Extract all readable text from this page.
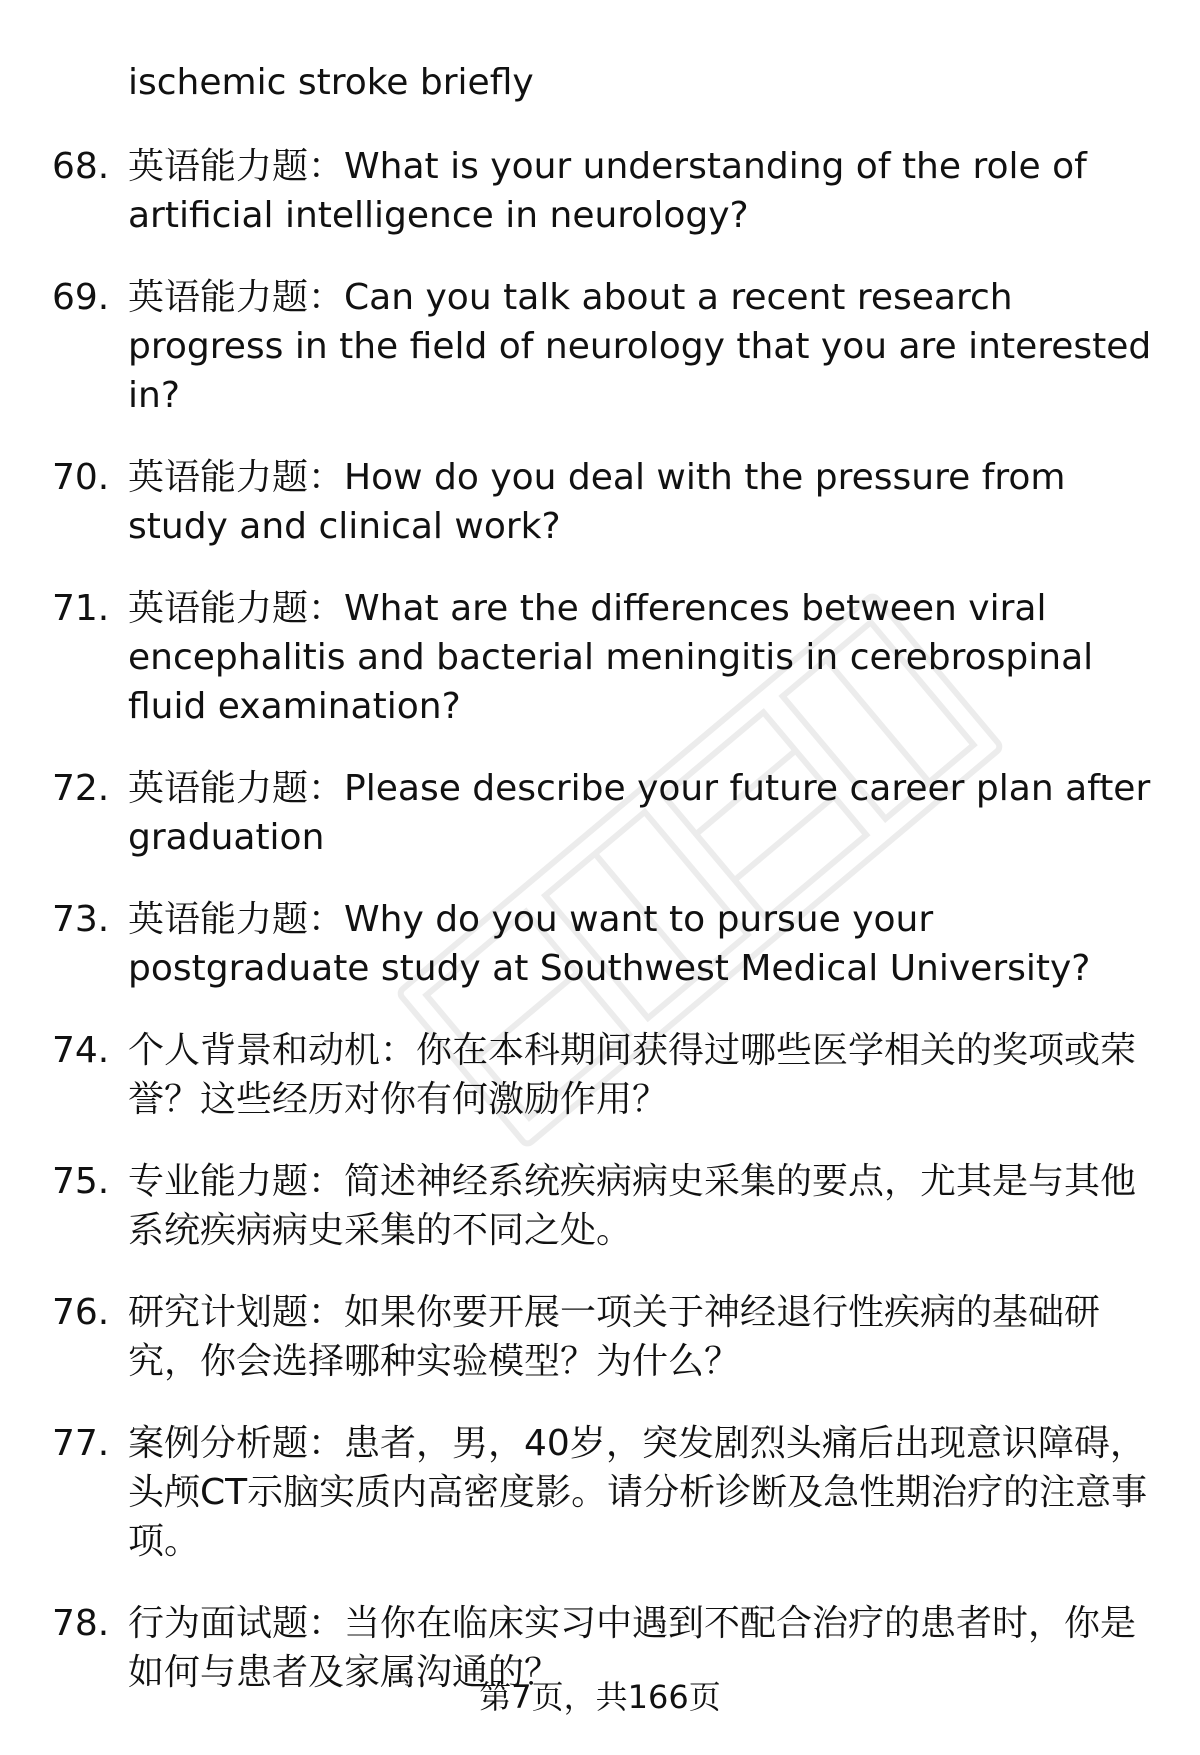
ischemic stroke briefly

68. 英语能力题：What is your understanding of the role of artificial intelligence in neurology?
69. 英语能力题：Can you talk about a recent research progress in the field of neurology that you are interested in?
70. 英语能力题：How do you deal with the pressure from study and clinical work?
71. 英语能力题：What are the differences between viral encephalitis and bacterial meningitis in cerebrospinal fluid examination?
72. 英语能力题：Please describe your future career plan after graduation
73. 英语能力题：Why do you want to pursue your postgraduate study at Southwest Medical University?
74. 个人背景和动机：你在本科期间获得过哪些医学相关的奖项或荣誉？这些经历对你有何激励作用？
75. 专业能力题：简述神经系统疾病病史采集的要点，尤其是与其他系统疾病病史采集的不同之处。
76. 研究计划题：如果你要开展一项关于神经退行性疾病的基础研究，你会选择哪种实验模型？为什么？
77. 案例分析题：患者，男，40岁，突发剧烈头痛后出现意识障碍，头颅CT示脑实质内高密度影。请分析诊断及急性期治疗的注意事项。
78. 行为面试题：当你在临床实习中遇到不配合治疗的患者时，你是如何与患者及家属沟通的？
第7页，共166页
